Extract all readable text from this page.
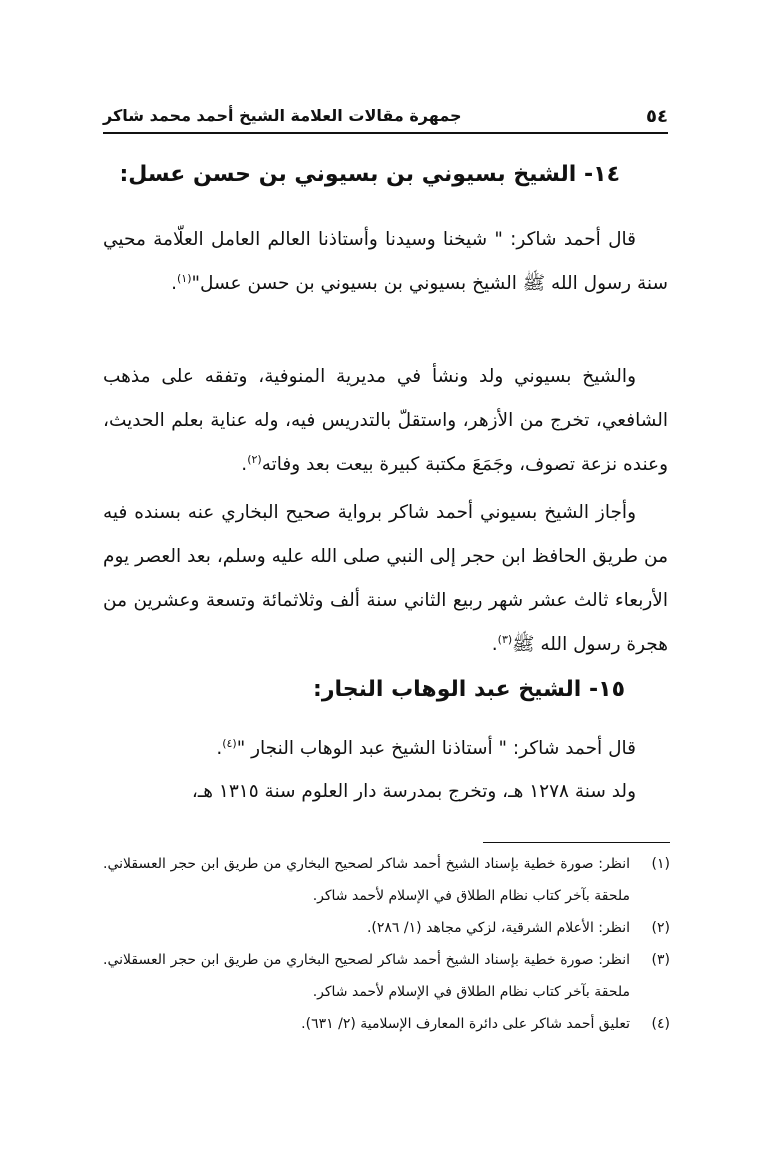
٥٤
جمهرة مقالات العلامة الشيخ أحمد محمد شاكر
١٤- الشيخ بسيوني بن بسيوني بن حسن عسل:
قال أحمد شاكر: " شيخنا وسيدنا وأستاذنا العالم العامل العلّامة محيي سنة رسول الله ﷺ الشيخ بسيوني بن بسيوني بن حسن عسل"$^{(١)}$.
والشيخ بسيوني ولد ونشأ في مديرية المنوفية، وتفقه على مذهب الشافعي، تخرج من الأزهر، واستقلّ بالتدريس فيه، وله عناية بعلم الحديث، وعنده نزعة تصوف، وجَمَعَ مكتبة كبيرة بيعت بعد وفاته$^{(٢)}$.
وأجاز الشيخ بسيوني أحمد شاكر برواية صحيح البخاري عنه بسنده فيه من طريق الحافظ ابن حجر إلى النبي صلى الله عليه وسلم، بعد العصر يوم الأربعاء ثالث عشر شهر ربيع الثاني سنة ألف وثلاثمائة وتسعة وعشرين من هجرة رسول الله ﷺ$^{(٣)}$.
١٥- الشيخ عبد الوهاب النجار:
قال أحمد شاكر: " أستاذنا الشيخ عبد الوهاب النجار "$^{(٤)}$.
ولد سنة ١٢٧٨ هـ، وتخرج بمدرسة دار العلوم سنة ١٣١٥ هـ،
(١)
انظر: صورة خطية بإسناد الشيخ أحمد شاكر لصحيح البخاري من طريق ابن حجر العسقلاني. ملحقة بآخر كتاب نظام الطلاق في الإسلام لأحمد شاكر.
(٢)
انظر: الأعلام الشرقية، لزكي مجاهد (١/ ٢٨٦).
(٣)
انظر: صورة خطية بإسناد الشيخ أحمد شاكر لصحيح البخاري من طريق ابن حجر العسقلاني. ملحقة بآخر كتاب نظام الطلاق في الإسلام لأحمد شاكر.
(٤)
تعليق أحمد شاكر على دائرة المعارف الإسلامية (٢/ ٦٣١).
